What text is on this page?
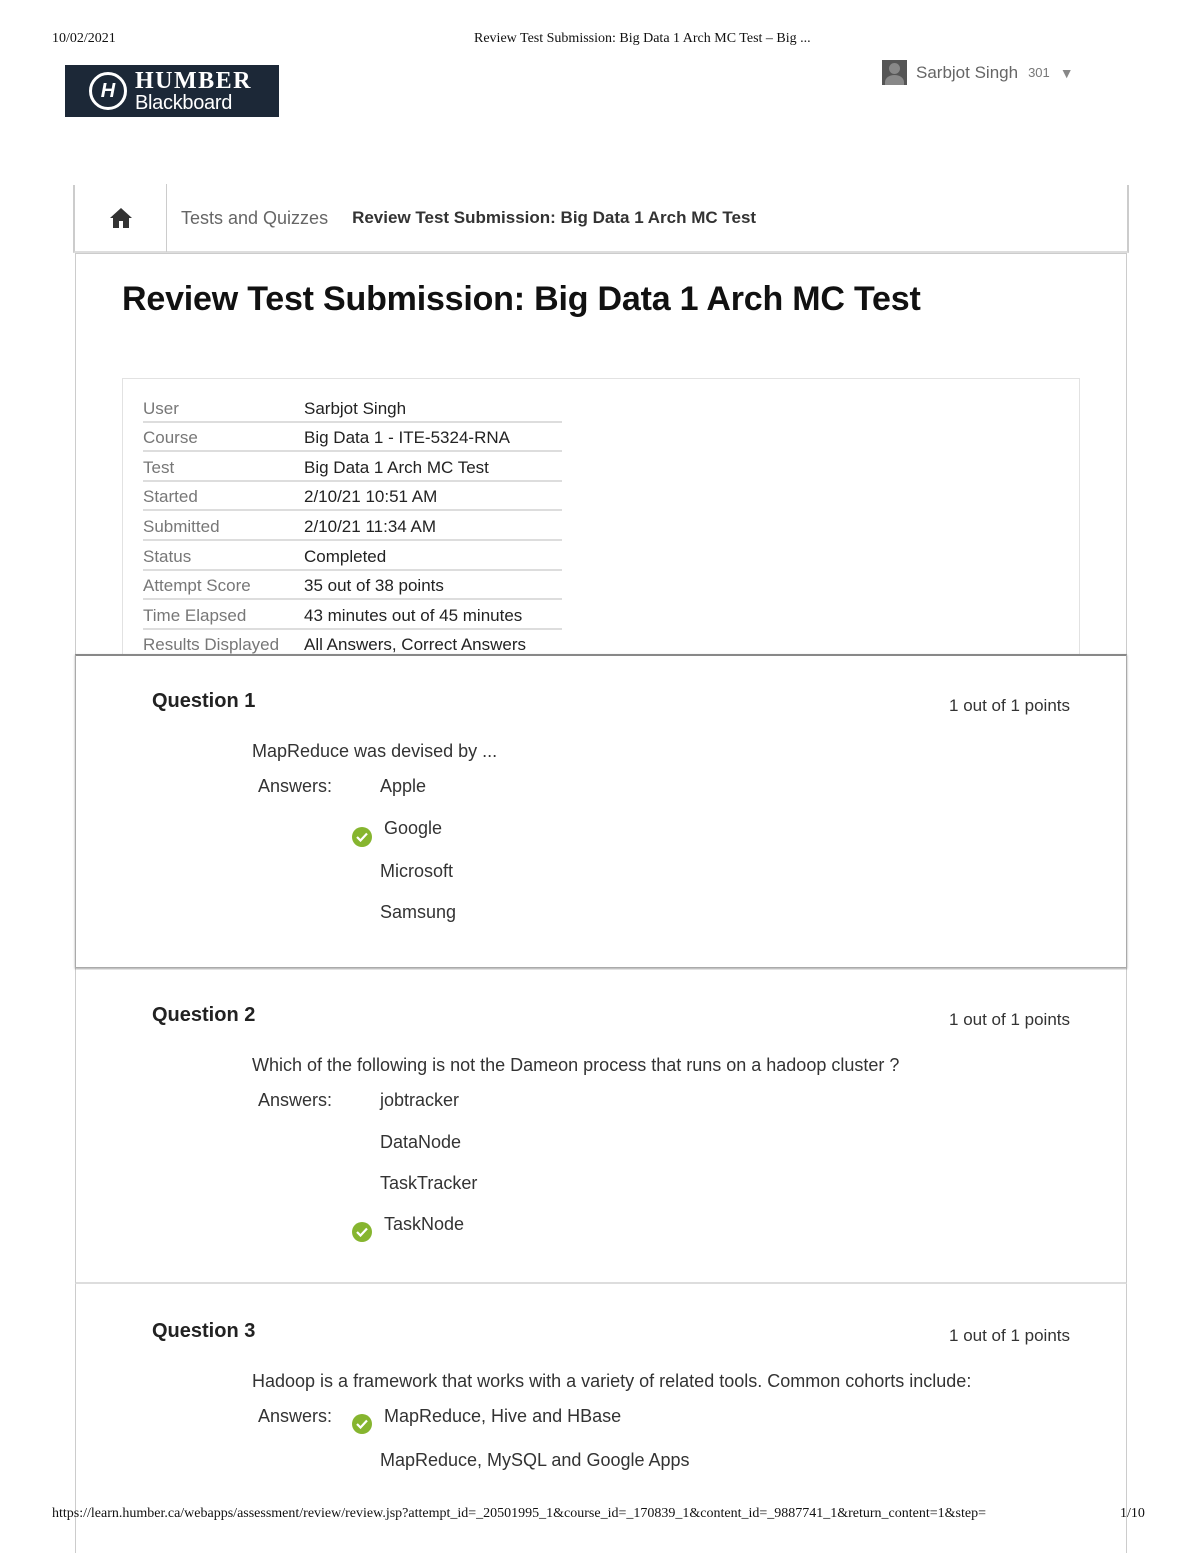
10/02/2021	Review Test Submission: Big Data 1 Arch MC Test – Big ...
H HUMBER
Blackboard
Sarbjot Singh 301 ▼
Tests and Quizzes Review Test Submission: Big Data 1 Arch MC Test
Review Test Submission: Big Data 1 Arch MC Test
User	Sarbjot Singh
Course	Big Data 1 - ITE-5324-RNA
Test	Big Data 1 Arch MC Test
Started	2/10/21 10:51 AM
Submitted	2/10/21 11:34 AM
Status	Completed
Attempt Score	35 out of 38 points
Time Elapsed	43 minutes out of 45 minutes
Results Displayed	All Answers, Correct Answers
Question 1	1 out of 1 points
MapReduce was devised by ...
Answers:	Apple
Google
Microsoft
Samsung
Question 2	1 out of 1 points
Which of the following is not the Dameon process that runs on a hadoop cluster ?
Answers:	jobtracker
DataNode
TaskTracker
TaskNode
Question 3	1 out of 1 points
Hadoop is a framework that works with a variety of related tools. Common cohorts include:
Answers:	MapReduce, Hive and HBase
MapReduce, MySQL and Google Apps
https://learn.humber.ca/webapps/assessment/review/review.jsp?attempt_id=_20501995_1&course_id=_170839_1&content_id=_9887741_1&return_content=1&step=	1/10
